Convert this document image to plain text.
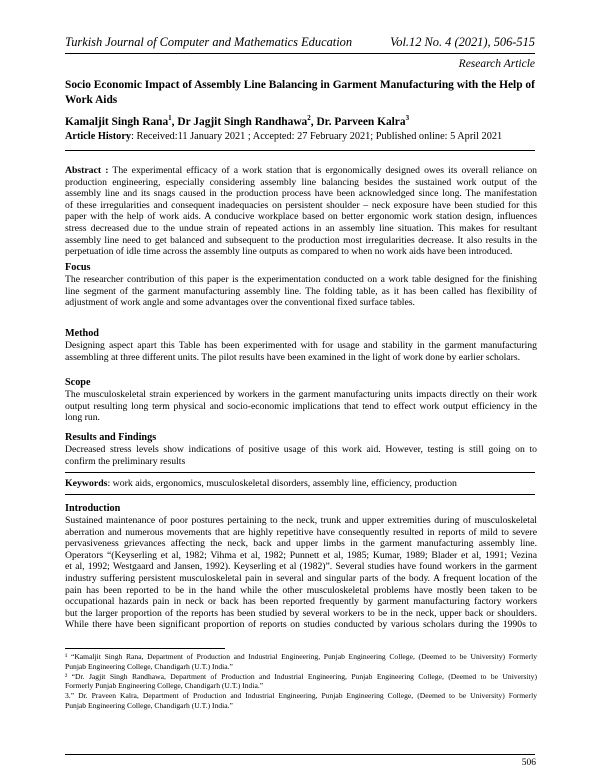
Turkish Journal of Computer and Mathematics Education	Vol.12 No. 4 (2021), 506-515
Research Article
Socio Economic Impact of Assembly Line Balancing in Garment Manufacturing with the Help of Work Aids
Kamaljit Singh Rana$^1$, Dr Jagjit Singh Randhawa$^2$, Dr. Parveen Kalra$^3$
Article History: Received:11 January 2021 ; Accepted: 27 February 2021; Published online: 5 April 2021
Abstract : The experimental efficacy of a work station that is ergonomically designed owes its overall reliance on
production engineering, especially considering assembly line balancing besides the sustained work output of the
assembly line and its snags caused in the production process have been acknowledged since long. The manifestation
of these irregularities and consequent inadequacies on persistent shoulder – neck exposure have been studied for this
paper with the help of work aids. A conducive workplace based on better ergonomic work station design, influences
stress decreased due to the undue strain of repeated actions in an assembly line situation. This makes for resultant
assembly line need to get balanced and subsequent to the production most irregularities decrease. It also results in the
perpetuation of idle time across the assembly line outputs as compared to when no work aids have been introduced.
Focus
The researcher contribution of this paper is the experimentation conducted on a work table designed for the finishing
line segment of the garment manufacturing assembly line. The folding table, as it has been called has flexibility of
adjustment of work angle and some advantages over the conventional fixed surface tables.
Method
Designing aspect apart this Table has been experimented with for usage and stability in the garment manufacturing
assembling at three different units. The pilot results have been examined in the light of work done by earlier scholars.
Scope
The musculoskeletal strain experienced by workers in the garment manufacturing units impacts directly on their work
output resulting long term physical and socio-economic implications that tend to effect work output efficiency in the
long run.
Results and Findings
Decreased stress levels show indications of positive usage of this work aid. However, testing is still going on to
confirm the preliminary results
Keywords: work aids, ergonomics, musculoskeletal disorders, assembly line, efficiency, production
Introduction
Sustained maintenance of poor postures pertaining to the neck, trunk and upper extremities during of musculoskeletal
aberration and numerous movements that are highly repetitive have consequently resulted in reports of mild to severe
pervasiveness grievances affecting the neck, back and upper limbs in the garment manufacturing assembly line.
Operators “(Keyserling et al, 1982; Vihma et al, 1982; Punnett et al, 1985; Kumar, 1989; Blader et al, 1991; Vezina
et al, 1992; Westgaard and Jansen, 1992). Keyserling et al (1982)”. Several studies have found workers in the garment
industry suffering persistent musculoskeletal pain in several and singular parts of the body. A frequent location of the
pain has been reported to be in the hand while the other musculoskeletal problems have mostly been taken to be
occupational hazards pain in neck or back has been reported frequently by garment manufacturing factory workers
but the larger proportion of the reports has been studied by several workers to be in the neck, upper back or shoulders.
While there have been significant proportion of reports on studies conducted by various scholars during the 1990s to
¹ “Kamaljit Singh Rana, Department of Production and Industrial Engineering, Punjab Engineering College, (Deemed to be University) Formerly
Punjab Engineering College, Chandigarh (U.T.) India.”
² “Dr. Jagjit Singh Randhawa, Department of Production and Industrial Engineering, Punjab Engineering College, (Deemed to be University)
Formerly Punjab Engineering College, Chandigarh (U.T.) India.”
3.” Dr. Praveen Kalra, Department of Production and Industrial Engineering, Punjab Engineering College, (Deemed to be University) Formerly
Punjab Engineering College, Chandigarh (U.T.) India.”
506
